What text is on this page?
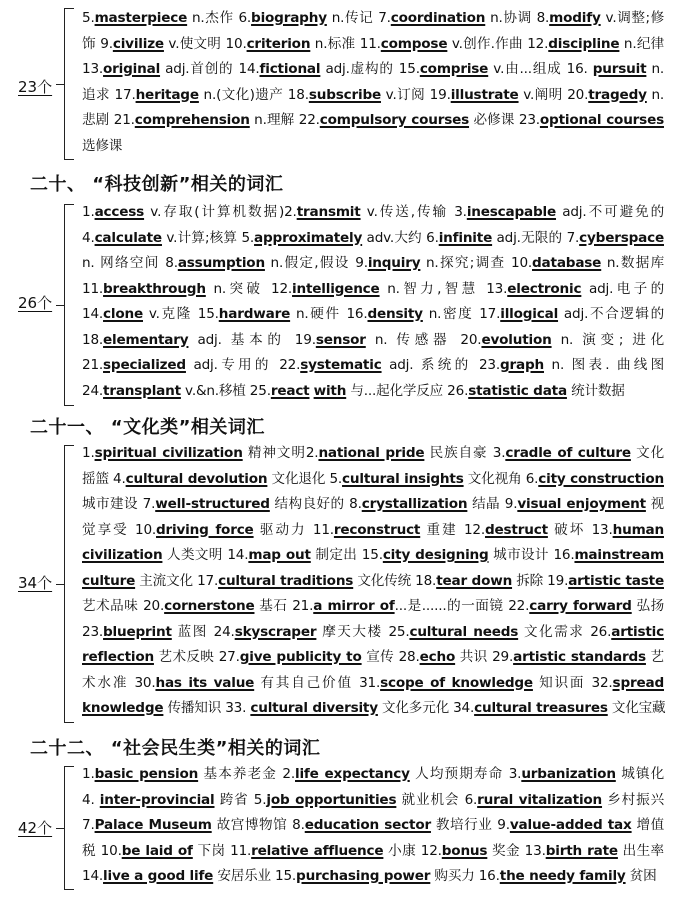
23个
5.masterpiece n.杰作 6.biography n.传记 7.coordination n.协调 8.modify v.调整;修
饰 9.civilize v.使文明 10.criterion n.标准 11.compose v.创作.作曲 12.discipline n.纪律
13.original adj.首创的 14.fictional adj.虚构的 15.comprise v.由...组成 16. pursuit n.
追求 17.heritage n.(文化)遗产 18.subscribe v.订阅 19.illustrate v.阐明 20.tragedy n.
悲剧 21.comprehension n.理解 22.compulsory courses 必修课 23.optional courses
选修课
二十、 “科技创新”相关的词汇
26个
1.access v.存取(计算机数据)2.transmit v.传送,传输 3.inescapable adj.不可避免的
4.calculate v.计算;核算 5.approximately adv.大约 6.infinite adj.无限的 7.cyberspace
n. 网络空间 8.assumption n.假定,假设 9.inquiry n.探究;调查 10.database n.数据库
11.breakthrough n.突破 12.intelligence n.智力,智慧 13.electronic adj.电子的
14.clone v.克隆 15.hardware n.硬件 16.density n.密度 17.illogical adj.不合逻辑的
18.elementary adj. 基本的 19.sensor n. 传感器 20.evolution n. 演变; 进化
21.specialized adj.专用的 22.systematic adj. 系统的 23.graph n. 图表. 曲线图
24.transplant v.&n.移植 25.react with 与...起化学反应 26.statistic data 统计数据
二十一、 “文化类”相关词汇
34个
1.spiritual civilization 精神文明2.national pride 民族自豪 3.cradle of culture 文化
摇篮 4.cultural devolution 文化退化 5.cultural insights 文化视角 6.city construction
城市建设 7.well-structured 结构良好的 8.crystallization 结晶 9.visual enjoyment 视
觉享受 10.driving force 驱动力 11.reconstruct 重建 12.destruct 破坏 13.human
civilization 人类文明 14.map out 制定出 15.city designing 城市设计 16.mainstream
culture 主流文化 17.cultural traditions 文化传统 18.tear down 拆除 19.artistic taste
艺术品味 20.cornerstone 基石 21.a mirror of...是......的一面镜 22.carry forward 弘扬
23.blueprint 蓝图 24.skyscraper 摩天大楼 25.cultural needs 文化需求 26.artistic
reflection 艺术反映 27.give publicity to 宣传 28.echo 共识 29.artistic standards 艺
术水准 30.has its value 有其自己价值 31.scope of knowledge 知识面 32.spread
knowledge 传播知识 33. cultural diversity 文化多元化 34.cultural treasures 文化宝藏
二十二、 “社会民生类”相关的词汇
42个
1.basic pension 基本养老金 2.life expectancy 人均预期寿命 3.urbanization 城镇化
4. inter-provincial 跨省 5.job opportunities 就业机会 6.rural vitalization 乡村振兴
7.Palace Museum 故宫博物馆 8.education sector 教培行业 9.value-added tax 增值
税 10.be laid of 下岗 11.relative affluence 小康 12.bonus 奖金 13.birth rate 出生率
14.live a good life 安居乐业 15.purchasing power 购买力 16.the needy family 贫困
